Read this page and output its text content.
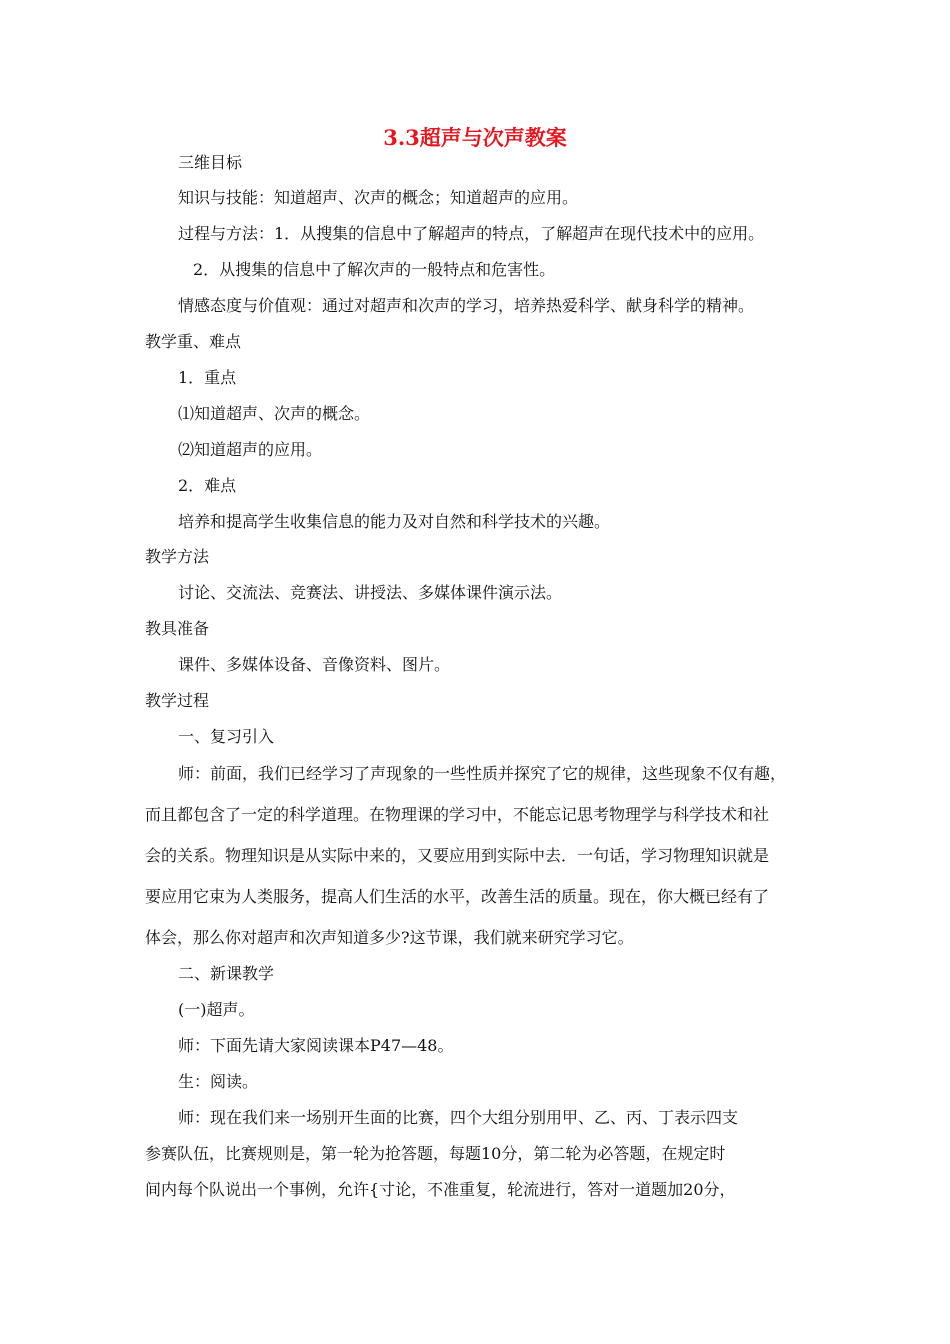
3.3超声与次声教案
三维目标
知识与技能：知道超声、次声的概念；知道超声的应用。
过程与方法：1．从搜集的信息中了解超声的特点，了解超声在现代技术中的应用。
2．从搜集的信息中了解次声的一般特点和危害性。
情感态度与价值观：通过对超声和次声的学习，培养热爱科学、献身科学的精神。
教学重、难点
1．重点
⑴知道超声、次声的概念。
⑵知道超声的应用。
2．难点
培养和提高学生收集信息的能力及对自然和科学技术的兴趣。
教学方法
讨论、交流法、竞赛法、讲授法、多媒体课件演示法。
教具准备
课件、多媒体设备、音像资料、图片。
教学过程
一、复习引入
师：前面，我们已经学习了声现象的一些性质并探究了它的规律，这些现象不仅有趣，
而且都包含了一定的科学道理。在物理课的学习中，不能忘记思考物理学与科学技术和社
会的关系。物理知识是从实际中来的，又要应用到实际中去．一句话，学习物理知识就是
要应用它束为人类服务，提高人们生活的水平，改善生活的质量。现在，你大概已经有了
体会，那么你对超声和次声知道多少?这节课，我们就来研究学习它。
二、新课教学
(一)超声。
师：下面先请大家阅读课本P47—48。
生：阅读。
师：现在我们来一场别开生面的比赛，四个大组分别用甲、乙、丙、丁表示四支
参赛队伍，比赛规则是，第一轮为抢答题，每题10分，第二轮为必答题，在规定时
间内每个队说出一个事例，允许{寸论，不准重复，轮流进行，答对一道题加20分，
